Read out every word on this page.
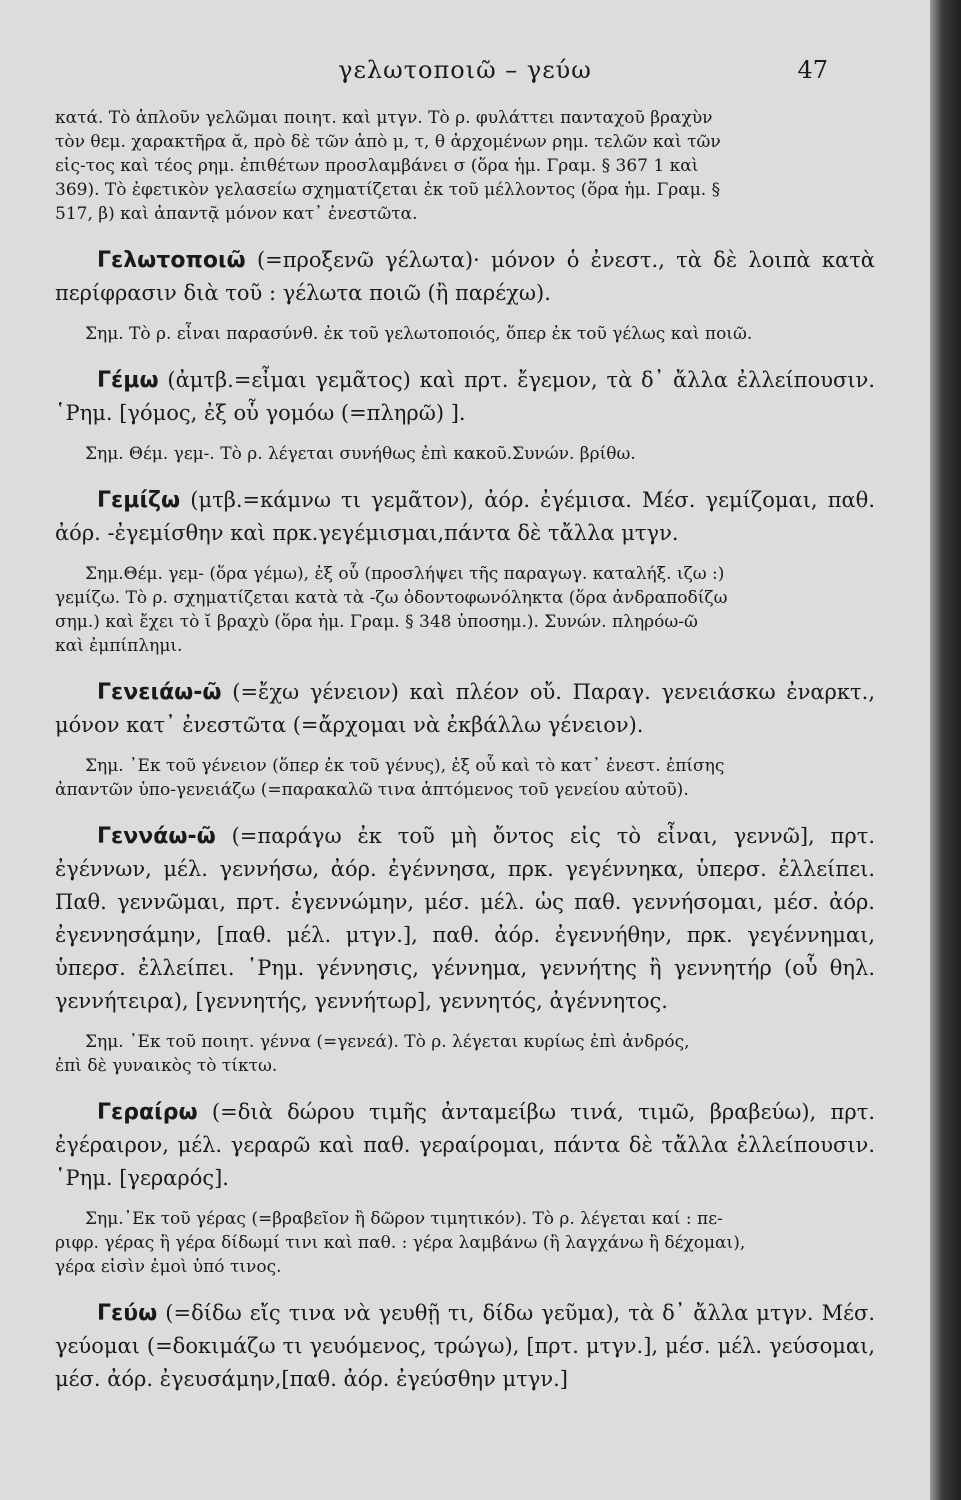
γελωτοποιῶ – γεύω	47

κατά. Τὸ ἁπλοῦν γελῶμαι ποιητ. καὶ μτγν. Τὸ ρ. φυλάττει πανταχοῦ βραχὺν

τὸν θεμ. χαρακτῆρα ᾰ, πρὸ δὲ τῶν ἀπὸ μ, τ, θ ἀρχομένων ρημ. τελῶν καὶ τῶν

εἰς-τος καὶ τέος ρημ. ἐπιθέτων προσλαμβάνει σ (ὅρα ἡμ. Γραμ. § 367 1 καὶ

369). Τὸ ἐφετικὸν γελασείω σχηματίζεται ἐκ τοῦ μέλλοντος (ὅρα ἡμ. Γραμ. §

517, β) καὶ ἀπαντᾷ μόνον κατ᾽ ἐνεστῶτα.

Γελωτοποιῶ (=προξενῶ γέλωτα)· μόνον ὁ ἐνεστ., τὰ δὲ λοιπὰ κατὰ περίφρασιν διὰ τοῦ : γέλωτα ποιῶ (ἢ παρέχω).

Σημ. Τὸ ρ. εἶναι παρασύνθ. ἐκ τοῦ γελωτοποιός, ὅπερ ἐκ τοῦ γέλως καὶ ποιῶ.

Γέμω (ἀμτβ.=εἶμαι γεμᾶτος) καὶ πρτ. ἔγεμον, τὰ δ᾽ ἄλλα ἐλλείπουσιν. ῾Ρημ. [γόμος, ἐξ οὗ γομόω (=πληρῶ) ].

Σημ. Θέμ. γεμ-. Τὸ ρ. λέγεται συνήθως ἐπὶ κακοῦ.Συνών. βρίθω.

Γεμίζω (μτβ.=κάμνω τι γεμᾶτον), ἀόρ. ἐγέμισα. Μέσ. γεμίζομαι, παθ. ἀόρ. -ἐγεμίσθην καὶ πρκ.γεγέμισμαι,πάντα δὲ τἄλλα μτγν.

Σημ.Θέμ. γεμ- (ὅρα γέμω), ἐξ οὗ (προσλήψει τῆς παραγωγ. καταλήξ. ιζω :)

γεμίζω. Τὸ ρ. σχηματίζεται κατὰ τὰ -ζω ὀδοντοφωνόληκτα (ὅρα ἀνδραποδίζω

σημ.) καὶ ἔχει τὸ ῐ βραχὺ (ὅρα ἡμ. Γραμ. § 348 ὑποσημ.). Συνών. πληρόω-ῶ

καὶ ἐμπίπλημι.

Γενειάω-ῶ (=ἔχω γένειον) καὶ πλέον οὔ. Παραγ. γενειάσκω ἐναρκτ., μόνον κατ᾽ ἐνεστῶτα (=ἄρχομαι νὰ ἐκβάλλω γένειον).

Σημ. ᾽Εκ τοῦ γένειον (ὅπερ ἐκ τοῦ γένυς), ἐξ οὗ καὶ τὸ κατ᾽ ἐνεστ. ἐπίσης

ἀπαντῶν ὑπο-γενειάζω (=παρακαλῶ τινα ἁπτόμενος τοῦ γενείου αὐτοῦ).

Γεννάω-ῶ (=παράγω ἐκ τοῦ μὴ ὄντος εἰς τὸ εἶναι, γεννῶ], πρτ. ἐγέννων, μέλ. γεννήσω, ἀόρ. ἐγέννησα, πρκ. γεγέννηκα, ὑπερσ. ἐλλείπει. Παθ. γεννῶμαι, πρτ. ἐγεννώμην, μέσ. μέλ. ὡς παθ. γεννήσομαι, μέσ. ἀόρ. ἐγεννησάμην, [παθ. μέλ. μτγν.], παθ. ἀόρ. ἐγεννήθην, πρκ. γεγέννημαι, ὑπερσ. ἐλλείπει. ῾Ρημ. γέννησις, γέννημα, γεννήτης ἢ γεννητήρ (οὗ θηλ. γεννήτειρα), [γεννητής, γεννήτωρ], γεννητός, ἀγέννητος.

Σημ. ᾽Εκ τοῦ ποιητ. γέννα (=γενεά). Τὸ ρ. λέγεται κυρίως ἐπὶ ἀνδρός,

ἐπὶ δὲ γυναικὸς τὸ τίκτω.

Γεραίρω (=διὰ δώρου τιμῆς ἀνταμείβω τινά, τιμῶ, βραβεύω), πρτ. ἐγέραιρον, μέλ. γεραρῶ καὶ παθ. γεραίρομαι, πάντα δὲ τἄλλα ἐλλείπουσιν. ῾Ρημ. [γεραρός].

Σημ.᾽Εκ τοῦ γέρας (=βραβεῖον ἢ δῶρον τιμητικόν). Τὸ ρ. λέγεται καί : πε-

ριφρ. γέρας ἢ γέρα δίδωμί τινι καὶ παθ. : γέρα λαμβάνω (ἢ λαγχάνω ἢ δέχομαι),

γέρα εἰσὶν ἐμοὶ ὑπό τινος.

Γεύω (=δίδω εἴς τινα νὰ γευθῇ τι, δίδω γεῦμα), τὰ δ᾽ ἄλλα μτγν. Μέσ. γεύομαι (=δοκιμάζω τι γευόμενος, τρώγω), [πρτ. μτγν.], μέσ. μέλ. γεύσομαι, μέσ. ἀόρ. ἐγευσάμην,[παθ. ἀόρ. ἐγεύσθην μτγν.]
